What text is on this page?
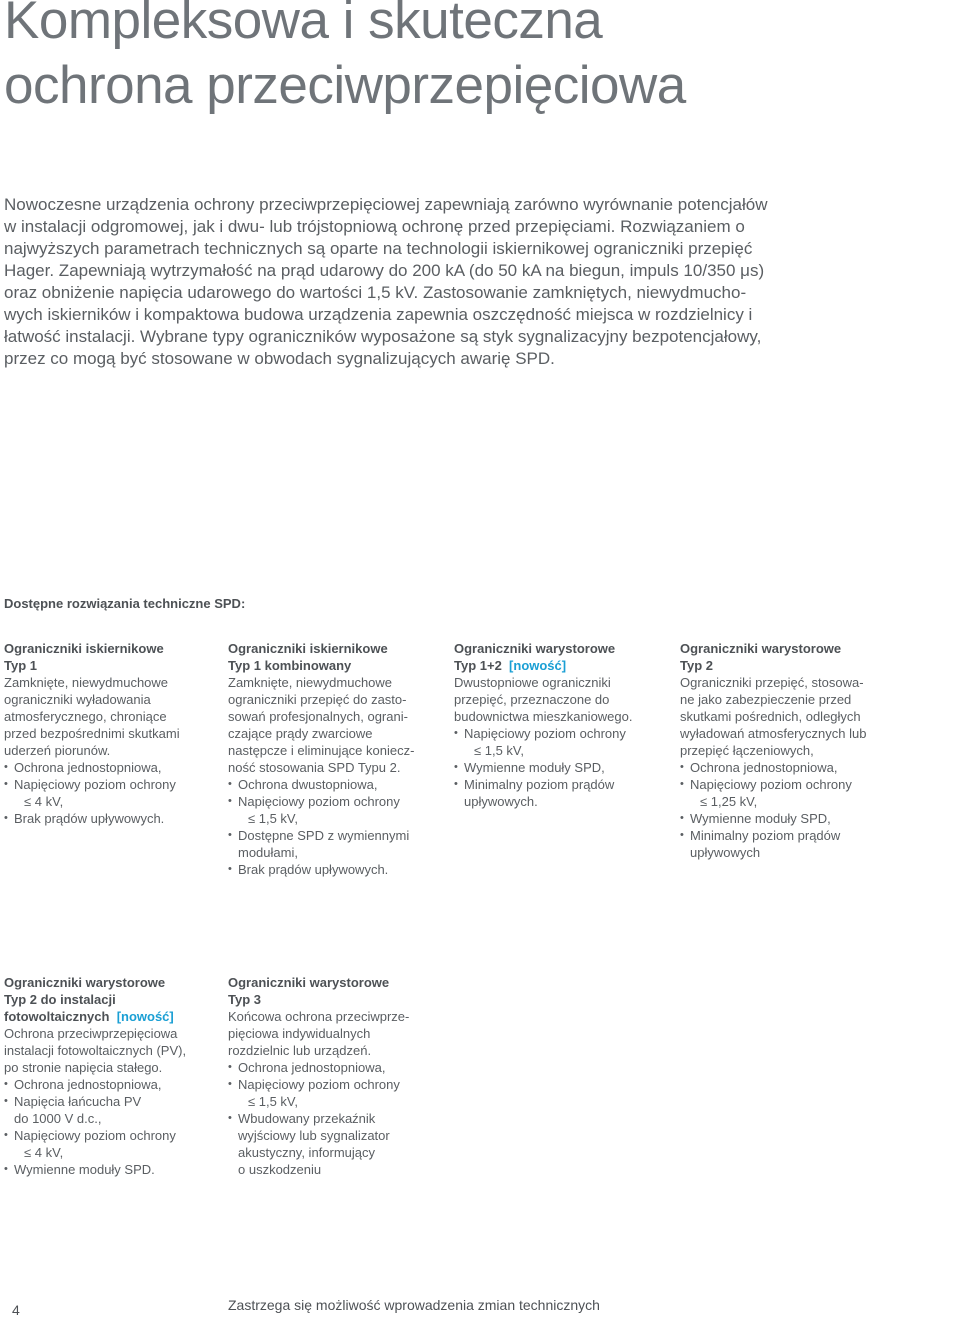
Kompleksowa i skuteczna
ochrona przeciwprzepięciowa

Nowoczesne urządzenia ochrony przeciwprzepięciowej zapewniają zarówno wyrównanie potencjałów
w instalacji odgromowej, jak i dwu- lub trójstopniową ochronę przed przepięciami. Rozwiązaniem o
najwyższych parametrach technicznych są oparte na technologii iskiernikowej ograniczniki przepięć
Hager. Zapewniają wytrzymałość na prąd udarowy do 200 kA (do 50 kA na biegun, impuls 10/350 μs)
oraz obniżenie napięcia udarowego do wartości 1,5 kV. Zastosowanie zamkniętych, niewydmucho-
wych iskierników i kompaktowa budowa urządzenia zapewnia oszczędność miejsca w rozdzielnicy i
łatwość instalacji. Wybrane typy ograniczników wyposażone są styk sygnalizacyjny bezpotencjałowy,
przez co mogą być stosowane w obwodach sygnalizujących awarię SPD.

Dostępne rozwiązania techniczne SPD:
Ograniczniki iskiernikowe
Typ 1
Zamknięte, niewydmuchowe
ograniczniki wyładowania
atmosferycznego, chroniące
przed bezpośrednimi skutkami
uderzeń piorunów.
• Ochrona jednostopniowa,
• Napięciowy poziom ochrony
≤ 4 kV,
• Brak prądów upływowych.
Ograniczniki iskiernikowe
Typ 1 kombinowany
Zamknięte, niewydmuchowe
ograniczniki przepięć do zasto-
sowań profesjonalnych, ograni-
czające prądy zwarciowe
następcze i eliminujące koniecz-
ność stosowania SPD Typu 2.
• Ochrona dwustopniowa,
• Napięciowy poziom ochrony
≤ 1,5 kV,
• Dostępne SPD z wymiennymi
modułami,
• Brak prądów upływowych.
Ograniczniki warystorowe
Typ 1+2 [nowość]
Dwustopniowe ograniczniki
przepięć, przeznaczone do
budownictwa mieszkaniowego.
• Napięciowy poziom ochrony
≤ 1,5 kV,
• Wymienne moduły SPD,
• Minimalny poziom prądów
upływowych.
Ograniczniki warystorowe
Typ 2
Ograniczniki przepięć, stosowa-
ne jako zabezpieczenie przed
skutkami pośrednich, odległych
wyładowań atmosferycznych lub
przepięć łączeniowych,
• Ochrona jednostopniowa,
• Napięciowy poziom ochrony
≤ 1,25 kV,
• Wymienne moduły SPD,
• Minimalny poziom prądów
upływowych
Ograniczniki warystorowe
Typ 2 do instalacji
fotowoltaicznych [nowość]
Ochrona przeciwprzepięciowa
instalacji fotowoltaicznych (PV),
po stronie napięcia stałego.
• Ochrona jednostopniowa,
• Napięcia łańcucha PV
do 1000 V d.c.,
• Napięciowy poziom ochrony
≤ 4 kV,
• Wymienne moduły SPD.
Ograniczniki warystorowe
Typ 3
Końcowa ochrona przeciwprze-
pięciowa indywidualnych
rozdzielnic lub urządzeń.
• Ochrona jednostopniowa,
• Napięciowy poziom ochrony
≤ 1,5 kV,
• Wbudowany przekaźnik
wyjściowy lub sygnalizator
akustyczny, informujący
o uszkodzeniu
4	Zastrzega się możliwość wprowadzenia zmian technicznych
